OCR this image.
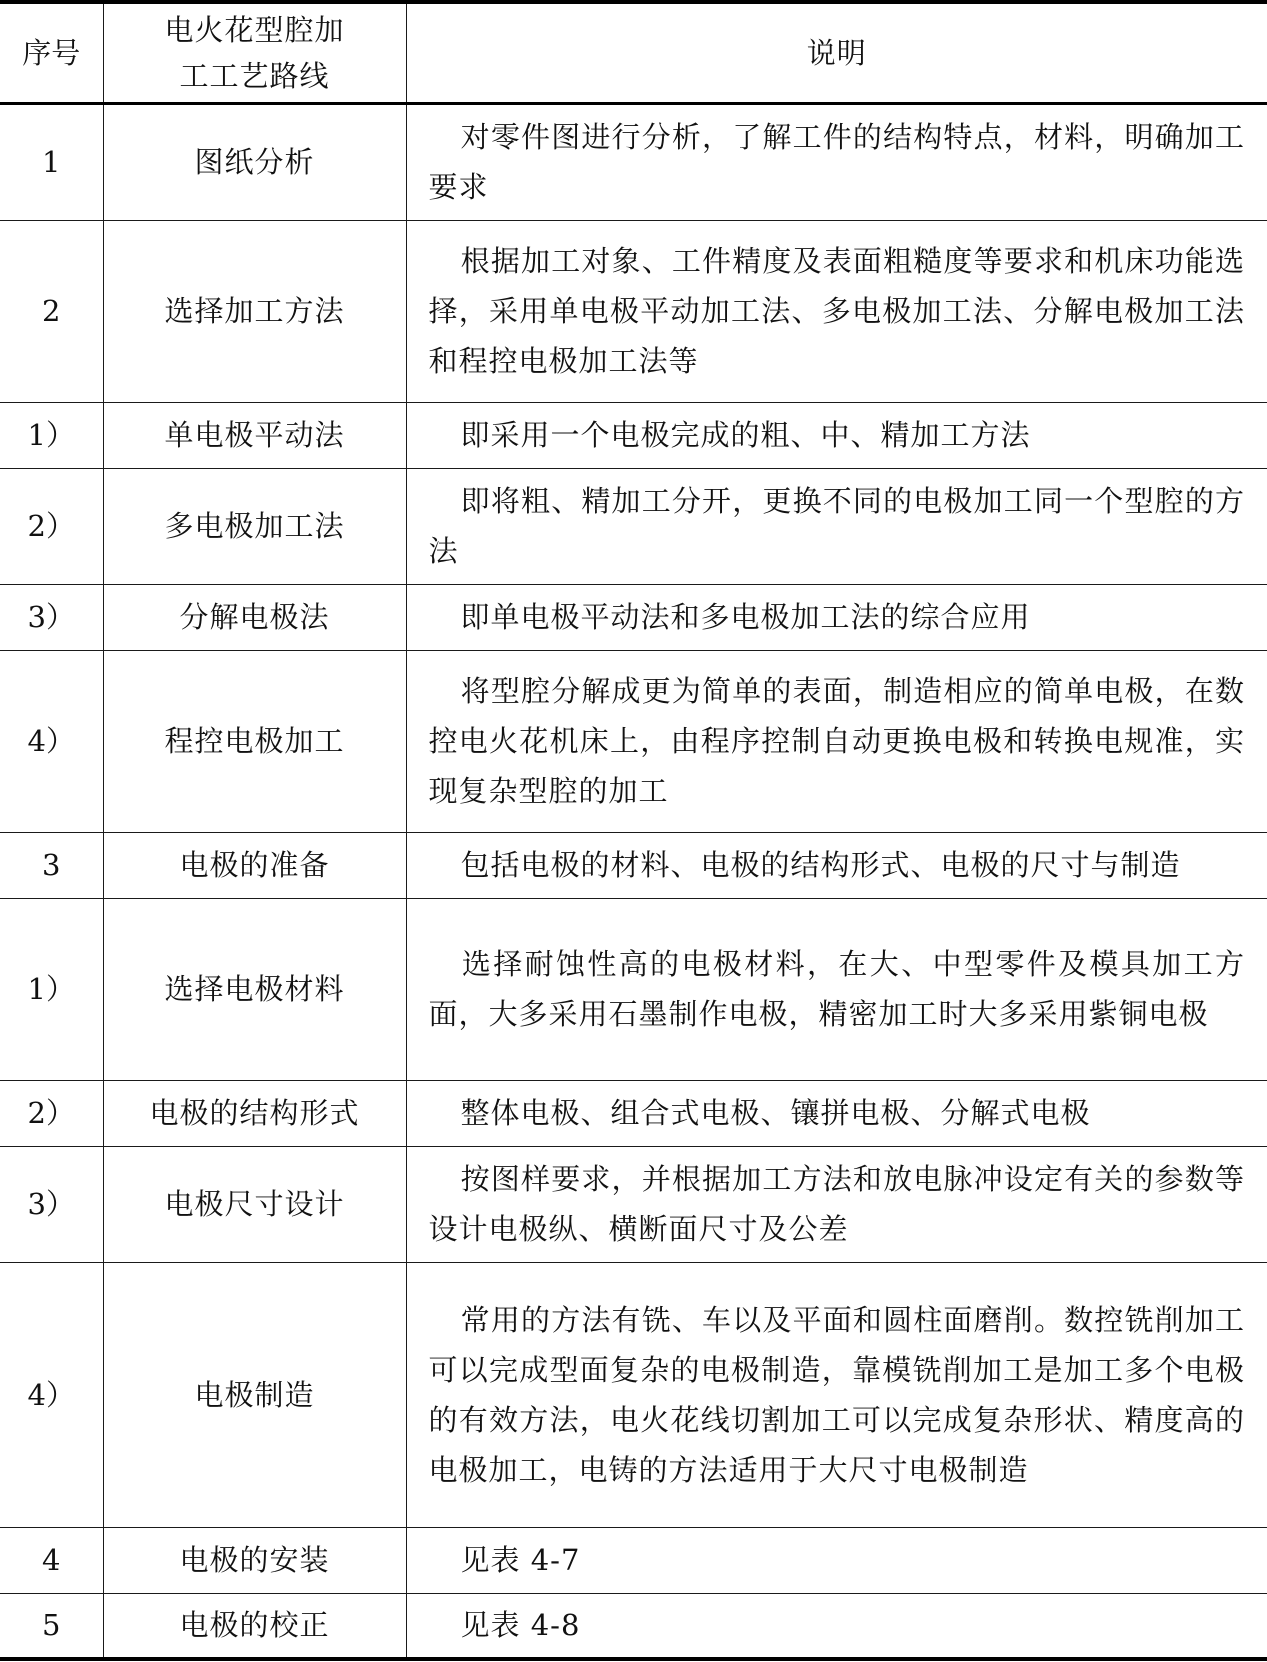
序号	电火花型腔加工工艺路线	说明
1	图纸分析	对零件图进行分析，了解工件的结构特点，材料，明确加工要求
2	选择加工方法	根据加工对象、工件精度及表面粗糙度等要求和机床功能选择，采用单电极平动加工法、多电极加工法、分解电极加工法和程控电极加工法等
1）	单电极平动法	即采用一个电极完成的粗、中、精加工方法
2）	多电极加工法	即将粗、精加工分开，更换不同的电极加工同一个型腔的方法
3）	分解电极法	即单电极平动法和多电极加工法的综合应用
4）	程控电极加工	将型腔分解成更为简单的表面，制造相应的简单电极，在数控电火花机床上，由程序控制自动更换电极和转换电规准，实现复杂型腔的加工
3	电极的准备	包括电极的材料、电极的结构形式、电极的尺寸与制造
1）	选择电极材料	选择耐蚀性高的电极材料，在大、中型零件及模具加工方面，大多采用石墨制作电极，精密加工时大多采用紫铜电极
2）	电极的结构形式	整体电极、组合式电极、镶拼电极、分解式电极
3）	电极尺寸设计	按图样要求，并根据加工方法和放电脉冲设定有关的参数等设计电极纵、横断面尺寸及公差
4）	电极制造	常用的方法有铣、车以及平面和圆柱面磨削。数控铣削加工可以完成型面复杂的电极制造，靠模铣削加工是加工多个电极的有效方法，电火花线切割加工可以完成复杂形状、精度高的电极加工，电铸的方法适用于大尺寸电极制造
4	电极的安装	见表 4-7
5	电极的校正	见表 4-8
